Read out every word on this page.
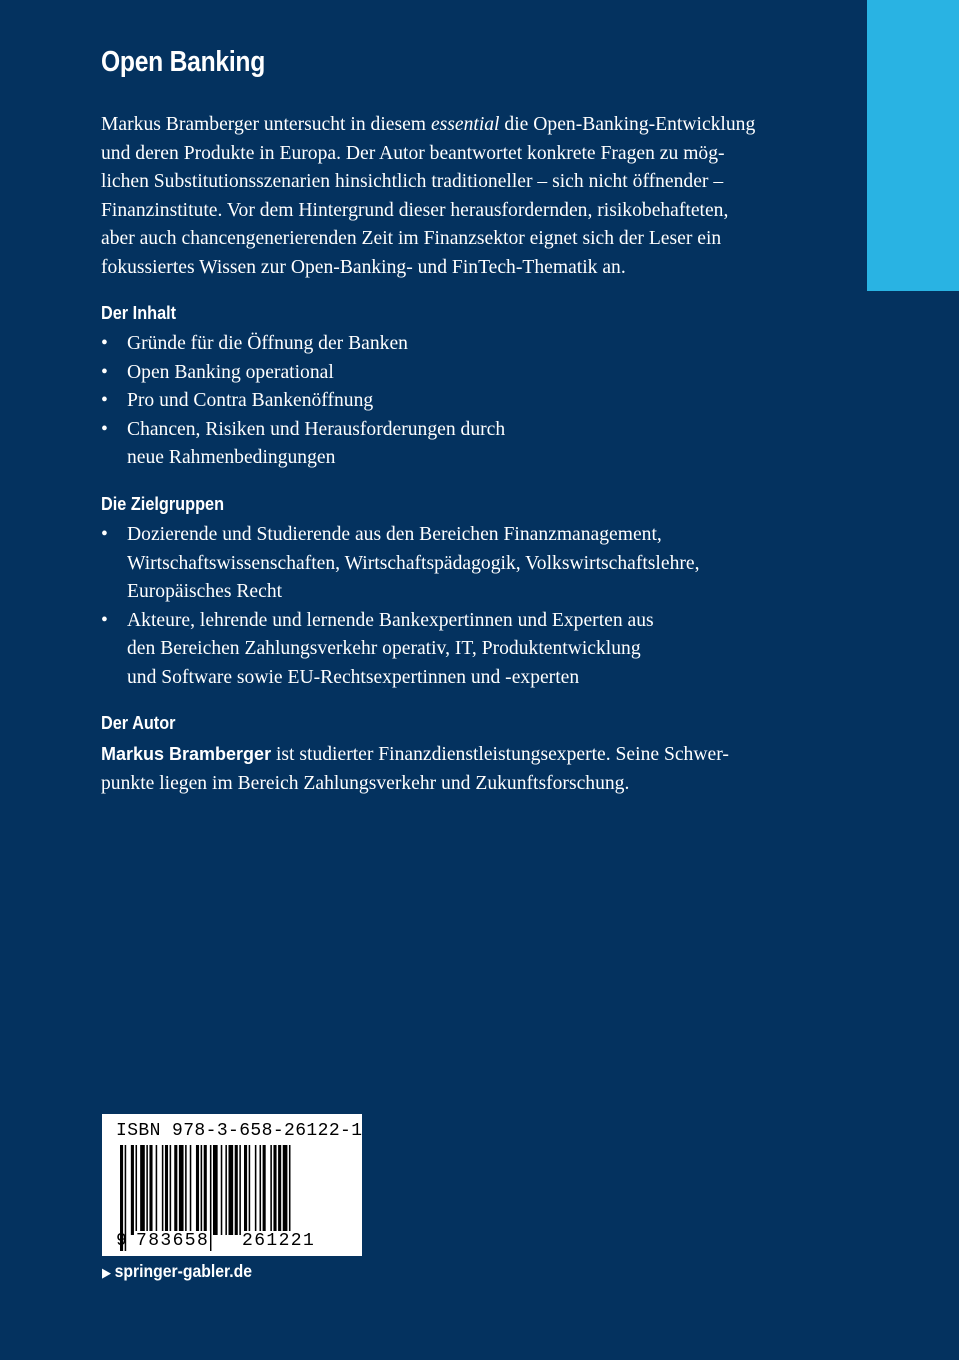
Open Banking

Markus Bramberger untersucht in diesem essential die Open-Banking-Entwicklung
und deren Produkte in Europa. Der Autor beantwortet konkrete Fragen zu mög-
lichen Substitutionsszenarien hinsichtlich traditioneller – sich nicht öffnender –
Finanzinstitute. Vor dem Hintergrund dieser herausfordernden, risikobehafteten,
aber auch chancengenerierenden Zeit im Finanzsektor eignet sich der Leser ein
fokussiertes Wissen zur Open-Banking- und FinTech-Thematik an.

Der Inhalt
• Gründe für die Öffnung der Banken
• Open Banking operational
• Pro und Contra Bankenöffnung
• Chancen, Risiken und Herausforderungen durch
neue Rahmenbedingungen
Die Zielgruppen
• Dozierende und Studierende aus den Bereichen Finanzmanagement,
Wirtschaftswissenschaften, Wirtschaftspädagogik, Volkswirtschaftslehre,
Europäisches Recht
• Akteure, lehrende und lernende Bankexpertinnen und Experten aus
den Bereichen Zahlungsverkehr operativ, IT, Produktentwicklung
und Software sowie EU-Rechtsexpertinnen und -experten
Der Autor

Markus Bramberger ist studierter Finanzdienstleistungsexperte. Seine Schwer-
punkte liegen im Bereich Zahlungsverkehr und Zukunftsforschung.

ISBN 978-3-658-26122-1
9 783658 261221
▶ springer-gabler.de
